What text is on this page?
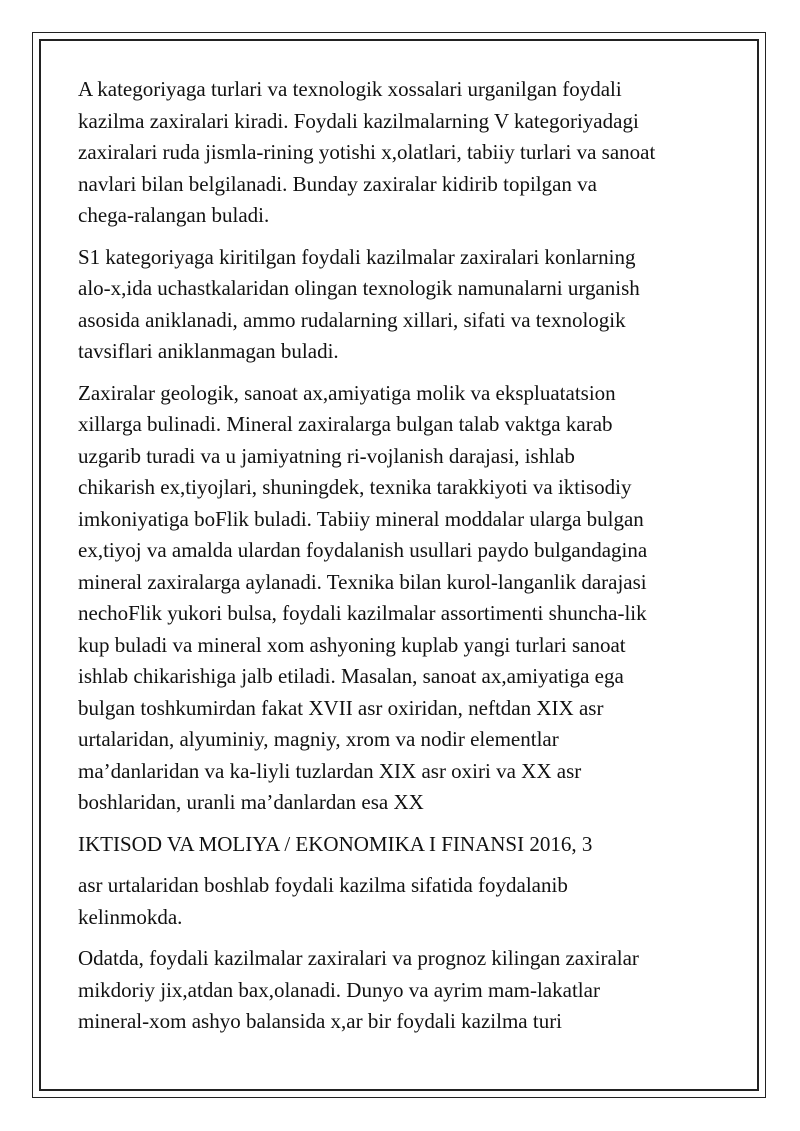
A kategoriyaga turlari va texnologik xossalari urganilgan foydali
kazilma zaxiralari kiradi. Foydali kazilmalarning V kategoriyadagi
zaxiralari ruda jismla-rining yotishi x,olatlari, tabiiy turlari va sanoat
navlari bilan belgilanadi. Bunday zaxiralar kidirib topilgan va
chega-ralangan buladi.

S1 kategoriyaga kiritilgan foydali kazilmalar zaxiralari konlarning
alo-x,ida uchastkalaridan olingan texnologik namunalarni urganish
asosida aniklanadi, ammo rudalarning xillari, sifati va texnologik
tavsiflari aniklanmagan buladi.

Zaxiralar geologik, sanoat ax,amiyatiga molik va ekspluatatsion
xillarga bulinadi. Mineral zaxiralarga bulgan talab vaktga karab
uzgarib turadi va u jamiyatning ri-vojlanish darajasi, ishlab
chikarish ex,tiyojlari, shuningdek, texnika tarakkiyoti va iktisodiy
imkoniyatiga boFlik buladi. Tabiiy mineral moddalar ularga bulgan
ex,tiyoj va amalda ulardan foydalanish usullari paydo bulgandagina
mineral zaxiralarga aylanadi. Texnika bilan kurol-langanlik darajasi
nechoFlik yukori bulsa, foydali kazilmalar assortimenti shuncha-lik
kup buladi va mineral xom ashyoning kuplab yangi turlari sanoat
ishlab chikarishiga jalb etiladi. Masalan, sanoat ax,amiyatiga ega
bulgan toshkumirdan fakat XVII asr oxiridan, neftdan XIX asr
urtalaridan, alyuminiy, magniy, xrom va nodir elementlar
ma’danlaridan va ka-liyli tuzlardan XIX asr oxiri va XX asr
boshlaridan, uranli ma’danlardan esa XX

IKTISOD VA MOLIYA / EKONOMIKA I FINANSI 2016, 3

asr urtalaridan boshlab foydali kazilma sifatida foydalanib
kelinmokda.

Odatda, foydali kazilmalar zaxiralari va prognoz kilingan zaxiralar
mikdoriy jix,atdan bax,olanadi. Dunyo va ayrim mam-lakatlar
mineral-xom ashyo balansida x,ar bir foydali kazilma turi
